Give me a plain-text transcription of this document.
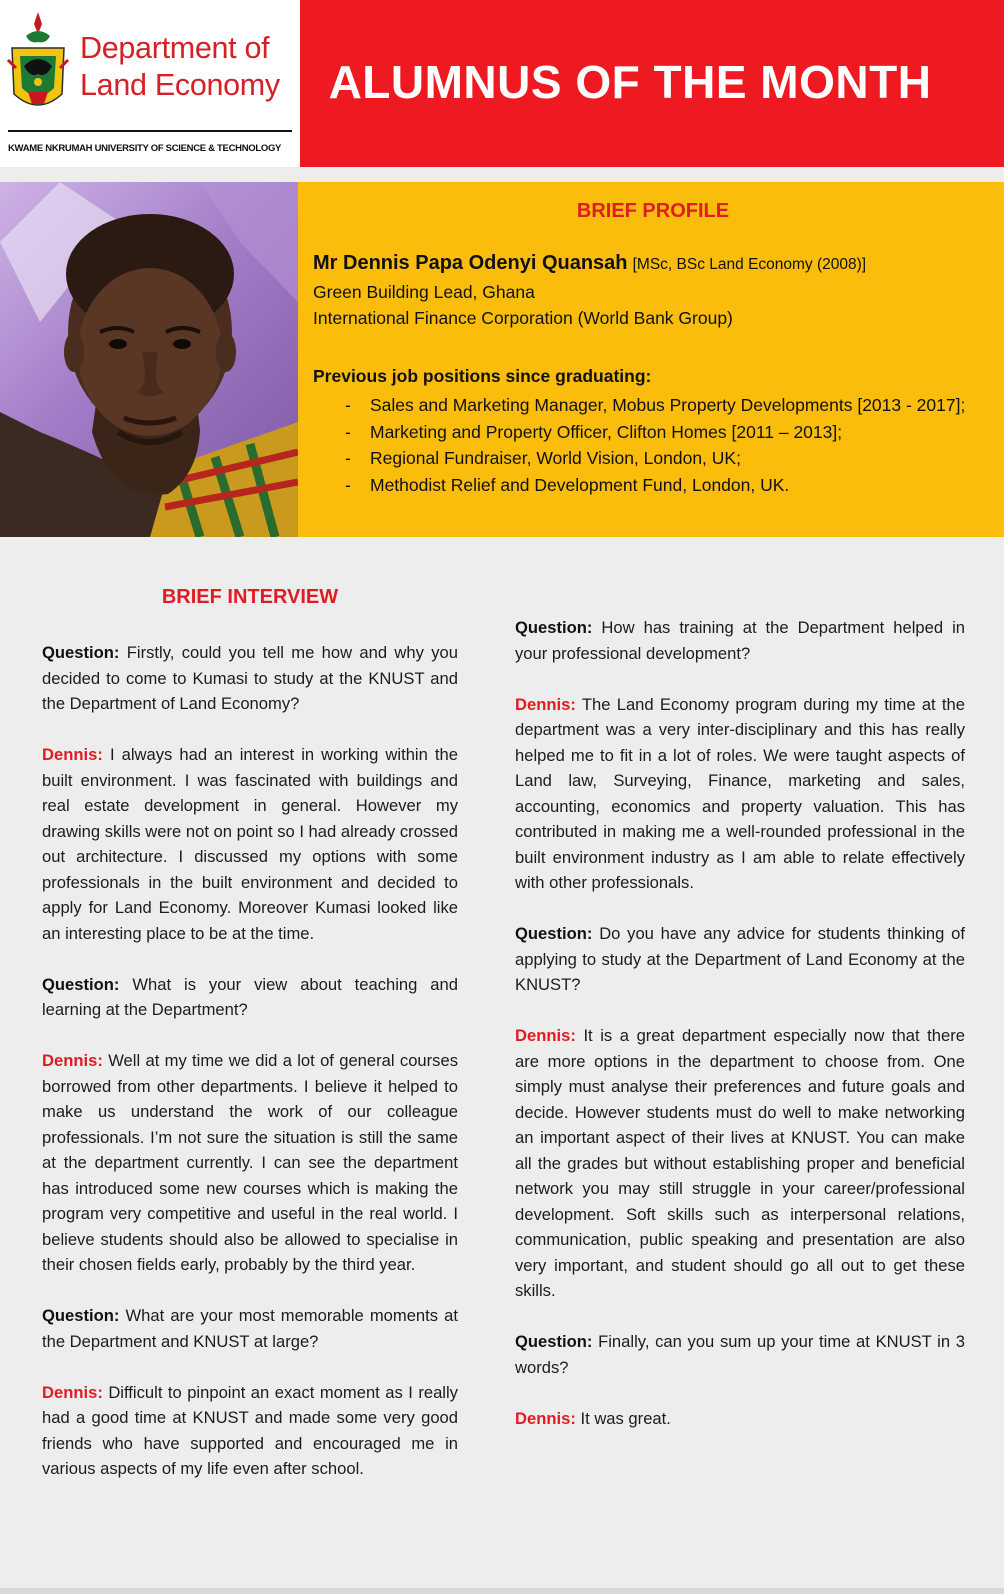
Department of
Land Economy
KWAME NKRUMAH UNIVERSITY OF SCIENCE & TECHNOLOGY
ALUMNUS OF THE MONTH
BRIEF PROFILE
Mr Dennis Papa Odenyi Quansah [MSc, BSc Land Economy (2008)]
Green Building Lead, Ghana
International Finance Corporation (World Bank Group)
Previous job positions since graduating:
- Sales and Marketing Manager, Mobus Property Developments [2013 - 2017];
- Marketing and Property Officer, Clifton Homes [2011 – 2013];
- Regional Fundraiser, World Vision, London, UK;
- Methodist Relief and Development Fund, London, UK.
BRIEF INTERVIEW

Question: Firstly, could you tell me how and why you decided to come to Kumasi to study at the KNUST and the Department of Land Economy?

Dennis: I always had an interest in working within the built environment. I was fascinated with buildings and real estate development in general. However my drawing skills were not on point so I had already crossed out architecture. I discussed my options with some professionals in the built environment and decided to apply for Land Economy. Moreover Kumasi looked like an interesting place to be at the time.

Question: What is your view about teaching and learning at the Department?

Dennis: Well at my time we did a lot of general courses borrowed from other departments. I believe it helped to make us understand the work of our colleague professionals. I’m not sure the situation is still the same at the department currently. I can see the department has introduced some new courses which is making the program very competitive and useful in the real world. I believe students should also be allowed to specialise in their chosen fields early, probably by the third year.

Question: What are your most memorable moments at the Department and KNUST at large?

Dennis: Difficult to pinpoint an exact moment as I really had a good time at KNUST and made some very good friends who have supported and encouraged me in various aspects of my life even after school.

Question: How has training at the Department helped in your professional development?

Dennis: The Land Economy program during my time at the department was a very inter-disciplinary and this has really helped me to fit in a lot of roles. We were taught aspects of Land law, Surveying, Finance, marketing and sales, accounting, economics and property valuation. This has contributed in making me a well-rounded professional in the built environment industry as I am able to relate effectively with other professionals.

Question: Do you have any advice for students thinking of applying to study at the Department of Land Economy at the KNUST?

Dennis: It is a great department especially now that there are more options in the department to choose from. One simply must analyse their preferences and future goals and decide. However students must do well to make networking an important aspect of their lives at KNUST. You can make all the grades but without establishing proper and beneficial network you may still struggle in your career/professional development. Soft skills such as interpersonal relations, communication, public speaking and presentation are also very important, and student should go all out to get these skills.

Question: Finally, can you sum up your time at KNUST in 3 words?

Dennis: It was great.
